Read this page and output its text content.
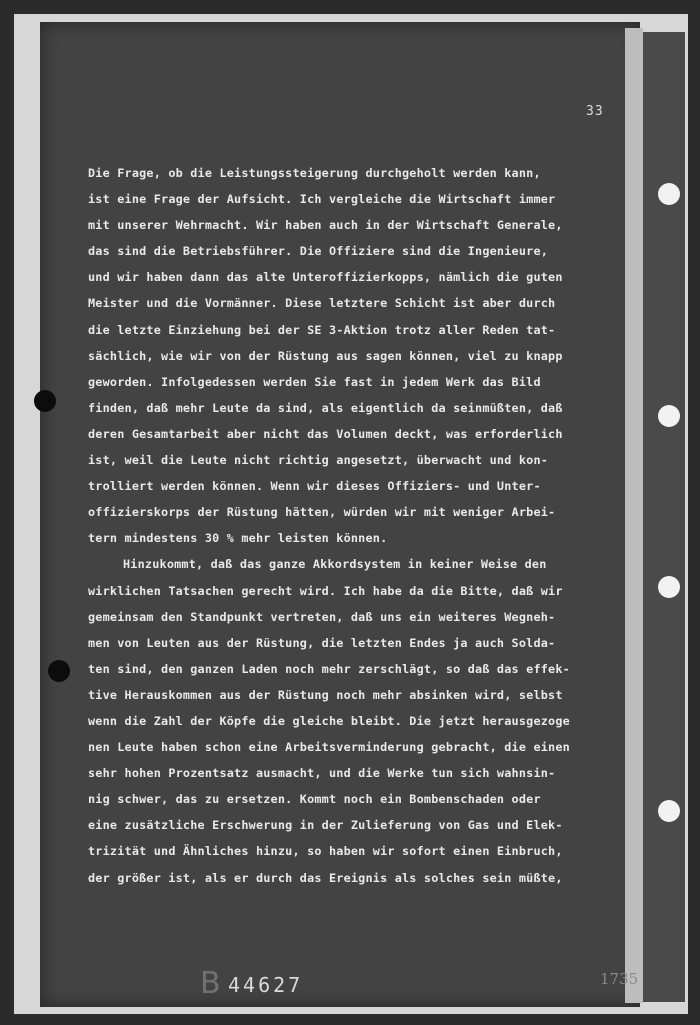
33
Die Frage, ob die Leistungssteigerung durchgeholt werden kann,
ist eine Frage der Aufsicht. Ich vergleiche die Wirtschaft immer
mit unserer Wehrmacht. Wir haben auch in der Wirtschaft Generale,
das sind die Betriebsführer. Die Offiziere sind die Ingenieure,
und wir haben dann das alte Unteroffizierkopps, nämlich die guten
Meister und die Vormänner. Diese letztere Schicht ist aber durch
die letzte Einziehung bei der SE 3-Aktion trotz aller Reden tat-
sächlich, wie wir von der Rüstung aus sagen können, viel zu knapp
geworden. Infolgedessen werden Sie fast in jedem Werk das Bild
finden, daß mehr Leute da sind, als eigentlich da seinmüßten, daß
deren Gesamtarbeit aber nicht das Volumen deckt, was erforderlich
ist, weil die Leute nicht richtig angesetzt, überwacht und kon-
trolliert werden können. Wenn wir dieses Offiziers- und Unter-
offizierskorps der Rüstung hätten, würden wir mit weniger Arbei-
tern mindestens 30 % mehr leisten können.
Hinzukommt, daß das ganze Akkordsystem in keiner Weise den
wirklichen Tatsachen gerecht wird. Ich habe da die Bitte, daß wir
gemeinsam den Standpunkt vertreten, daß uns ein weiteres Wegneh-
men von Leuten aus der Rüstung, die letzten Endes ja auch Solda-
ten sind, den ganzen Laden noch mehr zerschlägt, so daß das effek-
tive Herauskommen aus der Rüstung noch mehr absinken wird, selbst
wenn die Zahl der Köpfe die gleiche bleibt. Die jetzt herausgezoge
nen Leute haben schon eine Arbeitsverminderung gebracht, die einen
sehr hohen Prozentsatz ausmacht, und die Werke tun sich wahnsin-
nig schwer, das zu ersetzen. Kommt noch ein Bombenschaden oder
eine zusätzliche Erschwerung in der Zulieferung von Gas und Elek-
trizität und Ähnliches hinzu, so haben wir sofort einen Einbruch,
der größer ist, als er durch das Ereignis als solches sein müßte,
B 44627	1735
